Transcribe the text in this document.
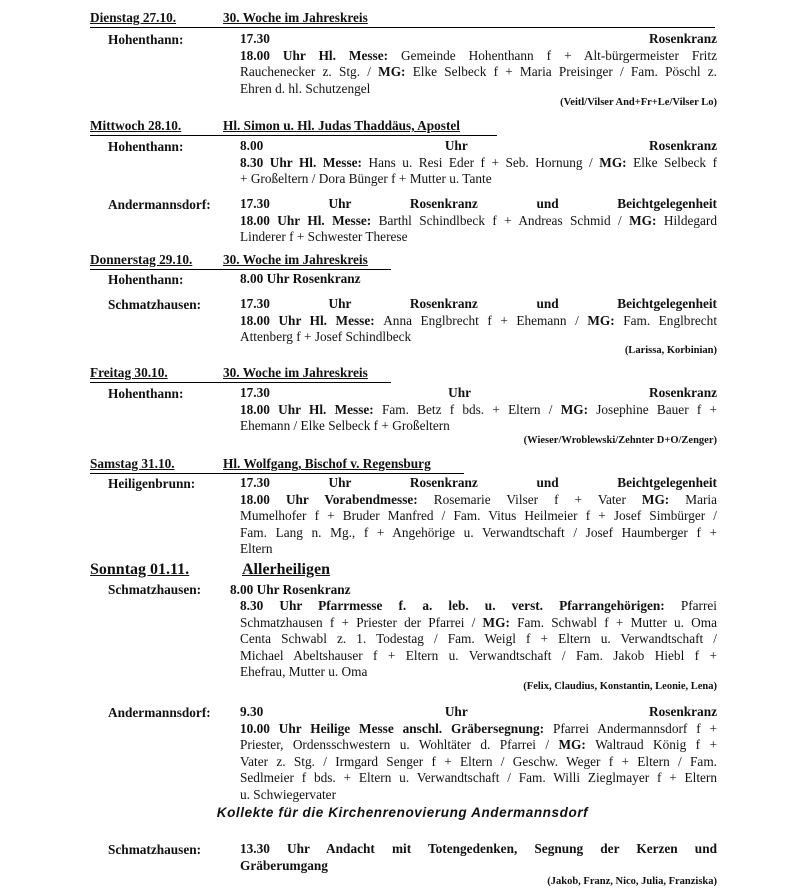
Dienstag 27.10.	30. Woche im Jahreskreis
Hohenthann:	17.30 Rosenkranz
18.00 Uhr Hl. Messe: Gemeinde Hohenthann f + Alt-bürgermeister Fritz
Rauchenecker z. Stg. / MG: Elke Selbeck f + Maria Preisinger / Fam. Pöschl z.
Ehren d. hl. Schutzengel
(Veitl/Vilser And+Fr+Le/Vilser Lo)
Mittwoch 28.10.	Hl. Simon u. Hl. Judas Thaddäus, Apostel
Hohenthann:	8.00 Uhr Rosenkranz
8.30 Uhr Hl. Messe: Hans u. Resi Eder f + Seb. Hornung / MG: Elke Selbeck f
+ Großeltern / Dora Bünger f + Mutter u. Tante
Andermannsdorf: 17.30 Uhr Rosenkranz und Beichtgelegenheit
18.00 Uhr Hl. Messe: Barthl Schindlbeck f + Andreas Schmid / MG: Hildegard
Linderer f + Schwester Therese
Donnerstag 29.10. 30. Woche im Jahreskreis
Hohenthann:	8.00 Uhr Rosenkranz
Schmatzhausen:	17.30 Uhr Rosenkranz und Beichtgelegenheit
18.00 Uhr Hl. Messe: Anna Englbrecht f + Ehemann / MG: Fam. Englbrecht
Attenberg f + Josef Schindlbeck
(Larissa, Korbinian)
Freitag 30.10.	30. Woche im Jahreskreis
Hohenthann:	17.30 Uhr Rosenkranz
18.00 Uhr Hl. Messe: Fam. Betz f bds. + Eltern / MG: Josephine Bauer f +
Ehemann / Elke Selbeck f + Großeltern
(Wieser/Wroblewski/Zehnter D+O/Zenger)
Samstag 31.10.	Hl. Wolfgang, Bischof v. Regensburg
Heiligenbrunn:	17.30 Uhr Rosenkranz und Beichtgelegenheit
18.00 Uhr Vorabendmesse: Rosemarie Vilser f + Vater MG: Maria
Mumelhofer f + Bruder Manfred / Fam. Vitus Heilmeier f + Josef Simbürger /
Fam. Lang n. Mg., f + Angehörige u. Verwandtschaft / Josef Haumberger f +
Eltern
Sonntag 01.11.	Allerheiligen
Schmatzhausen: 8.00 Uhr Rosenkranz
8.30 Uhr Pfarrmesse f. a. leb. u. verst. Pfarrangehörigen: Pfarrei
Schmatzhausen f + Priester der Pfarrei / MG: Fam. Schwabl f + Mutter u. Oma
Centa Schwabl z. 1. Todestag / Fam. Weigl f + Eltern u. Verwandtschaft /
Michael Abeltshauser f + Eltern u. Verwandtschaft / Fam. Jakob Hiebl f +
Ehefrau, Mutter u. Oma
(Felix, Claudius, Konstantin, Leonie, Lena)
Andermannsdorf: 9.30 Uhr Rosenkranz
10.00 Uhr Heilige Messe anschl. Gräbersegnung: Pfarrei Andermannsdorf f +
Priester, Ordensschwestern u. Wohltäter d. Pfarrei / MG: Waltraud König f +
Vater z. Stg. / Irmgard Senger f + Eltern / Geschw. Weger f + Eltern / Fam.
Sedlmeier f bds. + Eltern u. Verwandtschaft / Fam. Willi Zieglmayer f + Eltern
u. Schwiegervater
Kollekte für die Kirchenrenovierung Andermannsdorf
Schmatzhausen:	13.30 Uhr Andacht mit Totengedenken, Segnung der Kerzen und
Gräberumgang
(Jakob, Franz, Nico, Julia, Franziska)
